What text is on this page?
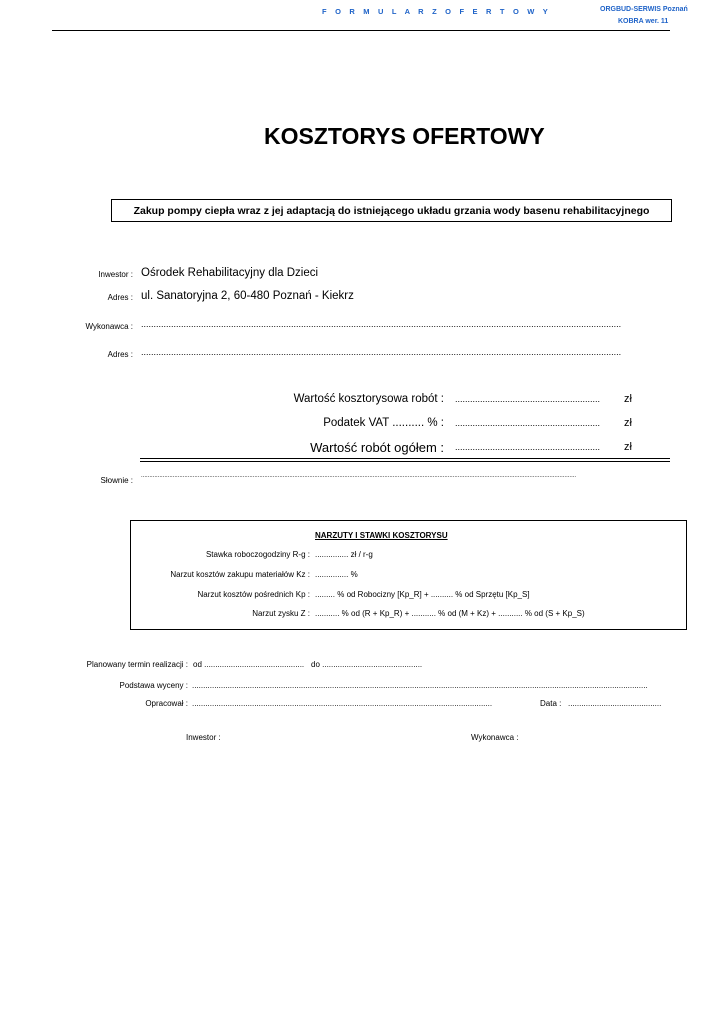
F O R M U L A R Z O F E R T O W Y	ORGBUD-SERWIS Poznań
KOBRA wer. 11
KOSZTORYS OFERTOWY
Zakup pompy ciepła wraz z jej adaptacją do istniejącego układu grzania wody basenu rehabilitacyjnego
Inwestor : Ośrodek Rehabilitacyjny dla Dzieci
Adres : ul. Sanatoryjna 2, 60-480 Poznań - Kiekrz
Wykonawca : ................................................................................................................................................................................................
Adres : ................................................................................................................................................................................................
Wartość kosztorysowa robót : ..........................................................	zł
Podatek VAT .......... % : ..........................................................	zł
Wartość robót ogółem : ..........................................................	zł
Słownie : .....................................................................................................................................................................................................................................................................
NARZUTY I STAWKI KOSZTORYSU
Stawka roboczogodziny R-g : ............... zł / r-g
Narzut kosztów zakupu materiałów Kz : ............... %
Narzut kosztów pośrednich Kp : ......... % od Robocizny [Kp_R] + .......... % od Sprzętu [Kp_S]
Narzut zysku Z : ........... % od (R + Kp_R) + ........... % od (M + Kz) + ........... % od (S + Kp_S)
Planowany termin realizacji : od ............................................. do .............................................
Podstawa wyceny : .............................................................................................................................................................................................................
Opracował : .......................................................................................................................................	Data : ..........................................
Inwestor :	Wykonawca :
